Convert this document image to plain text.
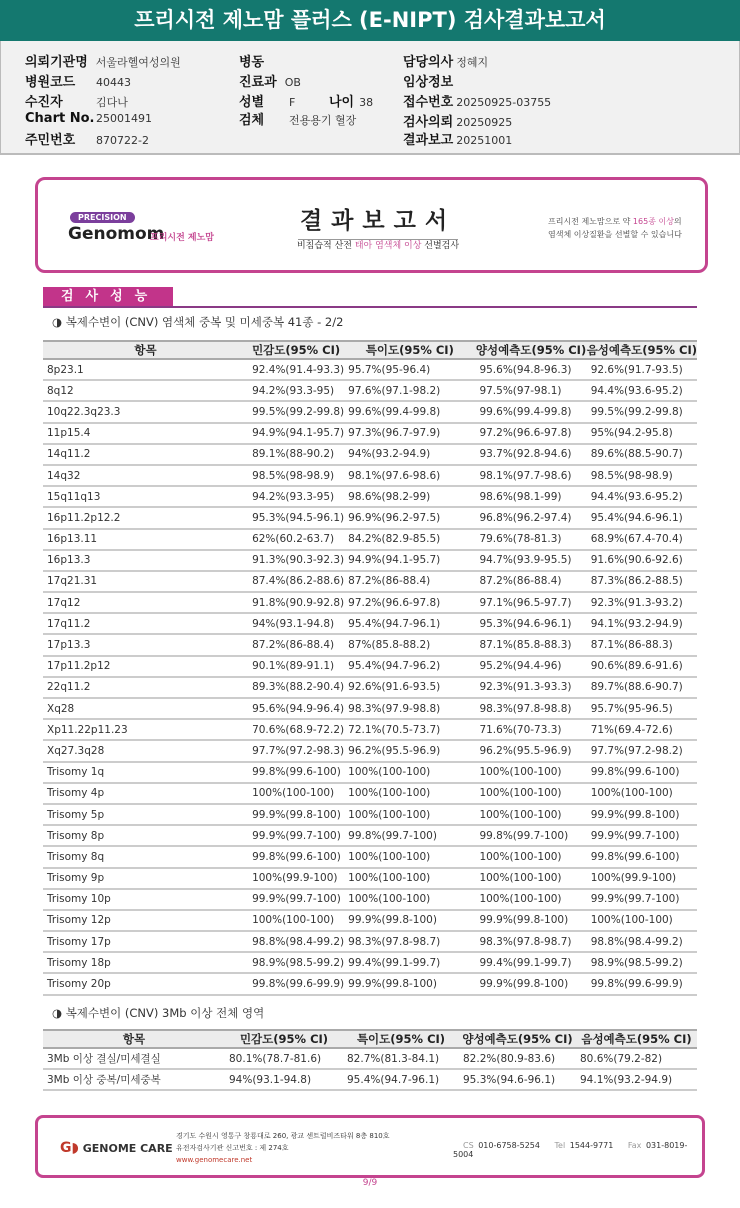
프리시전 제노맘 플러스 (E-NIPT) 검사결과보고서
의뢰기관명 서울라헬여성의원
병원코드 40443
수진자	김다나
Chart No. 25001491
주민번호 870722-2
병동
진료과 OB
성별 F	나이 38
검체 전용용기 혈장
담당의사 정혜지
임상정보
접수번호 20250925-03755
검사의뢰 20250925
결과보고 20251001
PRECISION
Genomom
프리시전 제노맘
결과보고서
비침습적 산전 태아 염색체 이상 선별검사
프리시전 제노맘으로 약 165종 이상의
염색체 이상질환을 선별할 수 있습니다
검사성능
◑ 복제수변이 (CNV) 염색체 중복 및 미세중복 41종 - 2/2
항목	민감도(95% CI)	특이도(95% CI)	양성예측도(95% CI)	음성예측도(95% CI)
8p23.1	92.4%(91.4-93.3)	95.7%(95-96.4)	95.6%(94.8-96.3)	92.6%(91.7-93.5)
8q12	94.2%(93.3-95)	97.6%(97.1-98.2)	97.5%(97-98.1)	94.4%(93.6-95.2)
10q22.3q23.3	99.5%(99.2-99.8)	99.6%(99.4-99.8)	99.6%(99.4-99.8)	99.5%(99.2-99.8)
11p15.4	94.9%(94.1-95.7)	97.3%(96.7-97.9)	97.2%(96.6-97.8)	95%(94.2-95.8)
14q11.2	89.1%(88-90.2)	94%(93.2-94.9)	93.7%(92.8-94.6)	89.6%(88.5-90.7)
14q32	98.5%(98-98.9)	98.1%(97.6-98.6)	98.1%(97.7-98.6)	98.5%(98-98.9)
15q11q13	94.2%(93.3-95)	98.6%(98.2-99)	98.6%(98.1-99)	94.4%(93.6-95.2)
16p11.2p12.2	95.3%(94.5-96.1)	96.9%(96.2-97.5)	96.8%(96.2-97.4)	95.4%(94.6-96.1)
16p13.11	62%(60.2-63.7)	84.2%(82.9-85.5)	79.6%(78-81.3)	68.9%(67.4-70.4)
16p13.3	91.3%(90.3-92.3)	94.9%(94.1-95.7)	94.7%(93.9-95.5)	91.6%(90.6-92.6)
17q21.31	87.4%(86.2-88.6)	87.2%(86-88.4)	87.2%(86-88.4)	87.3%(86.2-88.5)
17q12	91.8%(90.9-92.8)	97.2%(96.6-97.8)	97.1%(96.5-97.7)	92.3%(91.3-93.2)
17q11.2	94%(93.1-94.8)	95.4%(94.7-96.1)	95.3%(94.6-96.1)	94.1%(93.2-94.9)
17p13.3	87.2%(86-88.4)	87%(85.8-88.2)	87.1%(85.8-88.3)	87.1%(86-88.3)
17p11.2p12	90.1%(89-91.1)	95.4%(94.7-96.2)	95.2%(94.4-96)	90.6%(89.6-91.6)
22q11.2	89.3%(88.2-90.4)	92.6%(91.6-93.5)	92.3%(91.3-93.3)	89.7%(88.6-90.7)
Xq28	95.6%(94.9-96.4)	98.3%(97.9-98.8)	98.3%(97.8-98.8)	95.7%(95-96.5)
Xp11.22p11.23	70.6%(68.9-72.2)	72.1%(70.5-73.7)	71.6%(70-73.3)	71%(69.4-72.6)
Xq27.3q28	97.7%(97.2-98.3)	96.2%(95.5-96.9)	96.2%(95.5-96.9)	97.7%(97.2-98.2)
Trisomy 1q	99.8%(99.6-100)	100%(100-100)	100%(100-100)	99.8%(99.6-100)
Trisomy 4p	100%(100-100)	100%(100-100)	100%(100-100)	100%(100-100)
Trisomy 5p	99.9%(99.8-100)	100%(100-100)	100%(100-100)	99.9%(99.8-100)
Trisomy 8p	99.9%(99.7-100)	99.8%(99.7-100)	99.8%(99.7-100)	99.9%(99.7-100)
Trisomy 8q	99.8%(99.6-100)	100%(100-100)	100%(100-100)	99.8%(99.6-100)
Trisomy 9p	100%(99.9-100)	100%(100-100)	100%(100-100)	100%(99.9-100)
Trisomy 10p	99.9%(99.7-100)	100%(100-100)	100%(100-100)	99.9%(99.7-100)
Trisomy 12p	100%(100-100)	99.9%(99.8-100)	99.9%(99.8-100)	100%(100-100)
Trisomy 17p	98.8%(98.4-99.2)	98.3%(97.8-98.7)	98.3%(97.8-98.7)	98.8%(98.4-99.2)
Trisomy 18p	98.9%(98.5-99.2)	99.4%(99.1-99.7)	99.4%(99.1-99.7)	98.9%(98.5-99.2)
Trisomy 20p	99.8%(99.6-99.9)	99.9%(99.8-100)	99.9%(99.8-100)	99.8%(99.6-99.9)
◑ 복제수변이 (CNV) 3Mb 이상 전체 영역
항목	민감도(95% CI)	특이도(95% CI)	양성예측도(95% CI)	음성예측도(95% CI)
3Mb 이상 결실/미세결실	80.1%(78.7-81.6)	82.7%(81.3-84.1)	82.2%(80.9-83.6)	80.6%(79.2-82)
3Mb 이상 중복/미세중복	94%(93.1-94.8)	95.4%(94.7-96.1)	95.3%(94.6-96.1)	94.1%(93.2-94.9)
G◗ GENOME CARE
경기도 수원시 영통구 창룡대로 260, 광교 센트럴비즈타워 8층 810호
유전자검사기관 신고번호 : 제 274호
www.genomecare.net
CS 010-6758-5254 Tel 1544-9771 Fax 031-8019-5004
9/9
